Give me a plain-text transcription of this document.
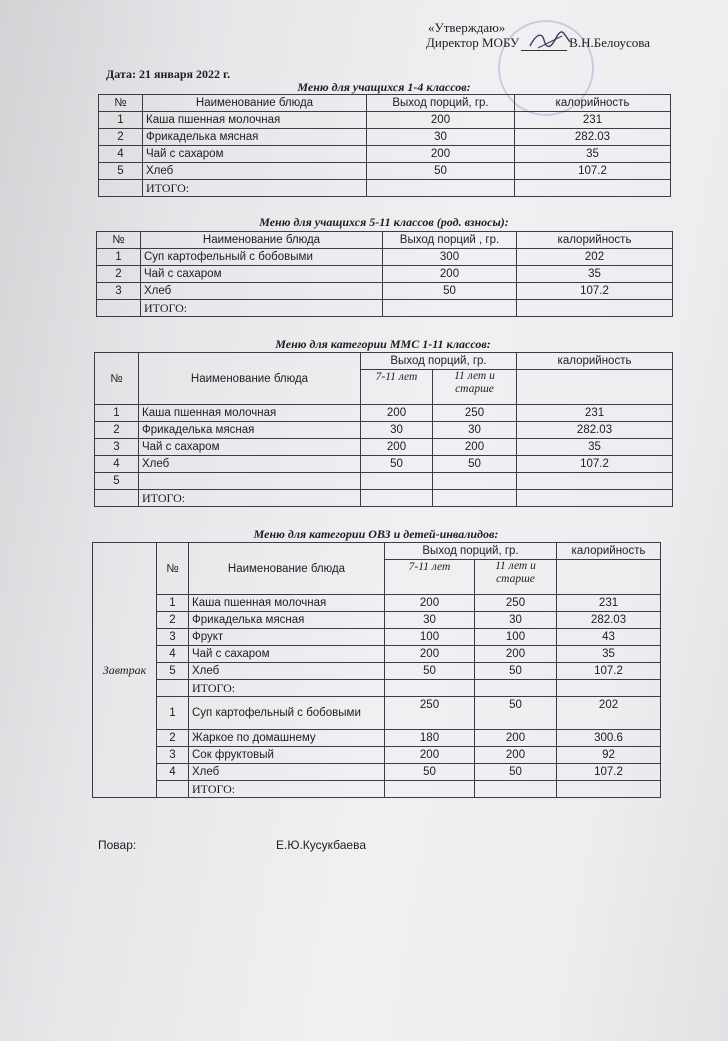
«Утверждаю»
Директор МОБУ	В.Н.Белоусова
Дата: 21 января 2022 г.
Меню для учащихся 1-4 классов:
№	Наименование блюда	Выход порций, гр.	калорийность
1	Каша пшенная молочная	200	231
2	Фрикаделька мясная	30	282.03
4	Чай с сахаром	200	35
5	Хлеб	50	107.2
	ИТОГО:		
Меню для учащихся 5-11 классов (род. взносы):
№	Наименование блюда	Выход порций , гр.	калорийность
1	Суп картофельный с бобовыми	300	202
2	Чай с сахаром	200	35
3	Хлеб	50	107.2
	ИТОГО:		
Меню для категории ММС 1-11 классов:
№	Наименование блюда	Выход порций, гр.		калорийность
		7-11 лет	11 лет и старше	
1	Каша пшенная молочная	200	250	231
2	Фрикаделька мясная	30	30	282.03
3	Чай с сахаром	200	200	35
4	Хлеб	50	50	107.2
5				
	ИТОГО:			
Меню для категории ОВЗ и детей-инвалидов:
Завтрак	№	Наименование блюда	Выход порций, гр.		калорийность
			7-11 лет	11 лет и старше	
	1	Каша пшенная молочная	200	250	231
	2	Фрикаделька мясная	30	30	282.03
	3	Фрукт	100	100	43
	4	Чай с сахаром	200	200	35
	5	Хлеб	50	50	107.2
		ИТОГО:			
	1	Суп картофельный с бобовыми	250	50	202
	2	Жаркое по домашнему	180	200	300.6
	3	Сок фруктовый	200	200	92
	4	Хлеб	50	50	107.2
		ИТОГО:			
Повар:	Е.Ю.Кусукбаева
